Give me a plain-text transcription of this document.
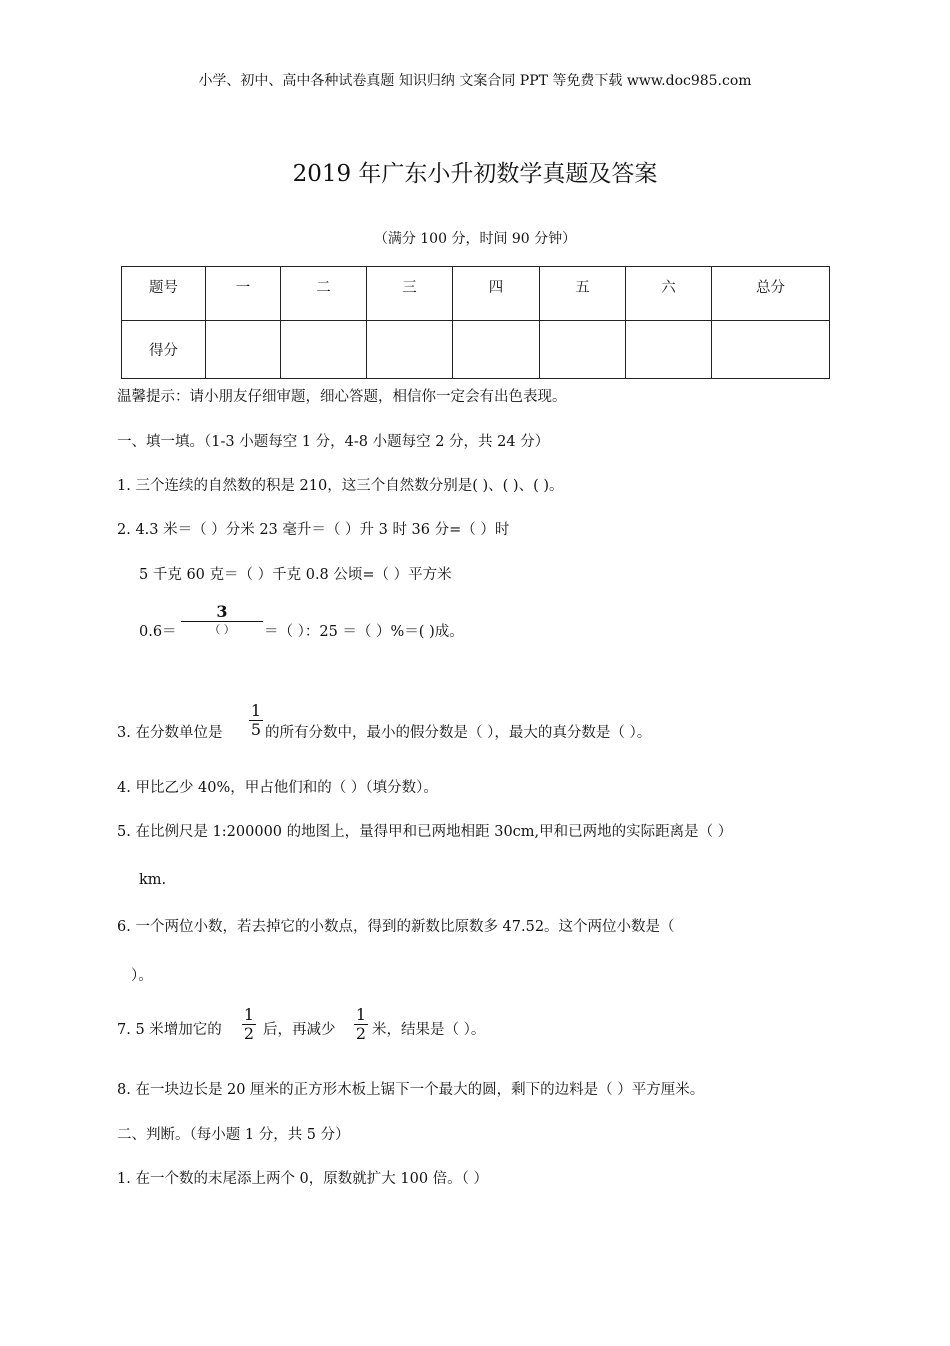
小学、初中、高中各种试卷真题 知识归纳 文案合同 PPT 等免费下载 www.doc985.com
2019 年广东小升初数学真题及答案
（满分 100 分，时间 90 分钟）
题号	一	二	三	四	五	六	总分
得分							
温馨提示：请小朋友仔细审题，细心答题，相信你一定会有出色表现。
一、填一填。（1-3 小题每空 1 分，4-8 小题每空 2 分，共 24 分）
1. 三个连续的自然数的积是 210，这三个自然数分别是( )、( )、( )。
2. 4.3 米＝（ ）分米 23 毫升＝（ ）升 3 时 36 分=（ ）时
5 千克 60 克＝（ ）千克 0.8 公顷=（ ）平方米
0.6＝
3
（ ）	＝（ ）：25 ＝（ ）%＝( )成。
3. 在分数单位是
1
5 的所有分数中，最小的假分数是（ ），最大的真分数是（ ）。
4. 甲比乙少 40%，甲占他们和的（ ）（填分数）。
5. 在比例尺是 1:200000 的地图上，量得甲和已两地相距 30cm,甲和已两地的实际距离是（ ）
km.
6. 一个两位小数，若去掉它的小数点，得到的新数比原数多 47.52。这个两位小数是（
）。
7. 5 米增加它的
1
2 后，再减少
1
2 米，结果是（ ）。
8. 在一块边长是 20 厘米的正方形木板上锯下一个最大的圆，剩下的边料是（ ）平方厘米。
二、判断。（每小题 1 分，共 5 分）
1. 在一个数的末尾添上两个 0，原数就扩大 100 倍。（ ）
